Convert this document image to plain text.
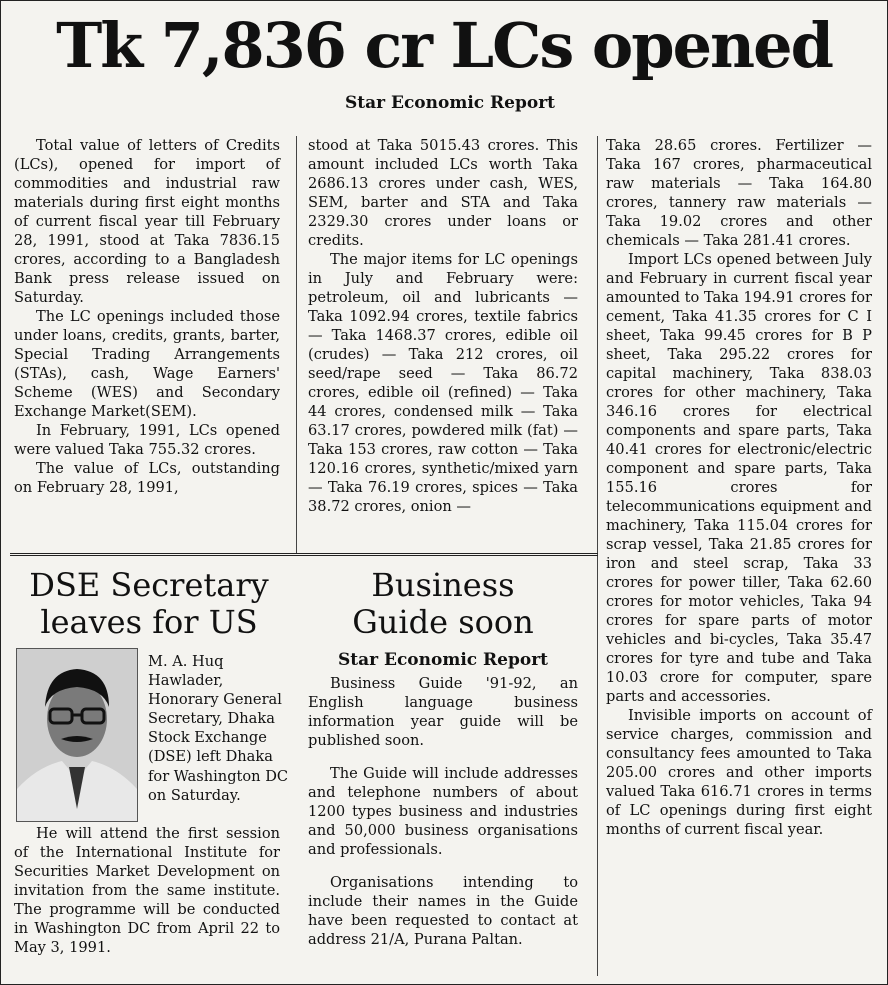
Tk 7,836 cr LCs opened
Star Economic Report

Total value of letters of Credits (LCs), opened for import of commodities and industrial raw materials during first eight months of current fiscal year till February 28, 1991, stood at Taka 7836.15 crores, according to a Bangladesh Bank press release issued on Saturday.

The LC openings included those under loans, credits, grants, barter, Special Trading Arrangements (STAs), cash, Wage Earners' Scheme (WES) and Secondary Exchange Market(SEM).

In February, 1991, LCs opened were valued Taka 755.32 crores.

The value of LCs, outstanding on February 28, 1991,

stood at Taka 5015.43 crores. This amount included LCs worth Taka 2686.13 crores under cash, WES, SEM, barter and STA and Taka 2329.30 crores under loans or credits.

The major items for LC openings in July and February were: petroleum, oil and lubricants — Taka 1092.94 crores, textile fabrics — Taka 1468.37 crores, edible oil (crudes) — Taka 212 crores, oil seed/rape seed — Taka 86.72 crores, edible oil (refined) — Taka 44 crores, condensed milk — Taka 63.17 crores, powdered milk (fat) — Taka 153 crores, raw cotton — Taka 120.16 crores, synthetic/mixed yarn — Taka 76.19 crores, spices — Taka 38.72 crores, onion —

Taka 28.65 crores. Fertilizer — Taka 167 crores, pharmaceutical raw materials — Taka 164.80 crores, tannery raw materials — Taka 19.02 crores and other chemicals — Taka 281.41 crores.

Import LCs opened between July and February in current fiscal year amounted to Taka 194.91 crores for cement, Taka 41.35 crores for C I sheet, Taka 99.45 crores for B P sheet, Taka 295.22 crores for capital machinery, Taka 838.03 crores for other machinery, Taka 346.16 crores for electrical components and spare parts, Taka 40.41 crores for electronic/electric component and spare parts, Taka 155.16 crores for telecommunications equipment and machinery, Taka 115.04 crores for scrap vessel, Taka 21.85 crores for iron and steel scrap, Taka 33 crores for power tiller, Taka 62.60 crores for motor vehicles, Taka 94 crores for spare parts of motor vehicles and bi-cycles, Taka 35.47 crores for tyre and tube and Taka 10.03 crore for computer, spare parts and accessories.

Invisible imports on account of service charges, commission and consultancy fees amounted to Taka 205.00 crores and other imports valued Taka 616.71 crores in terms of LC openings during first eight months of current fiscal year.

DSE Secretary
leaves for US
M. A. Huq Hawlader, Honorary General Secretary, Dhaka Stock Exchange (DSE) left Dhaka for Washington DC on Saturday.

He will attend the first session of the International Institute for Securities Market Development on invitation from the same institute. The programme will be conducted in Washington DC from April 22 to May 3, 1991.

Business
Guide soon
Star Economic Report

Business Guide '91-92, an English language business information year guide will be published soon.

The Guide will include addresses and telephone numbers of about 1200 types business and industries and 50,000 business organisations and professionals.

Organisations intending to include their names in the Guide have been requested to contact at address 21/A, Purana Paltan.
